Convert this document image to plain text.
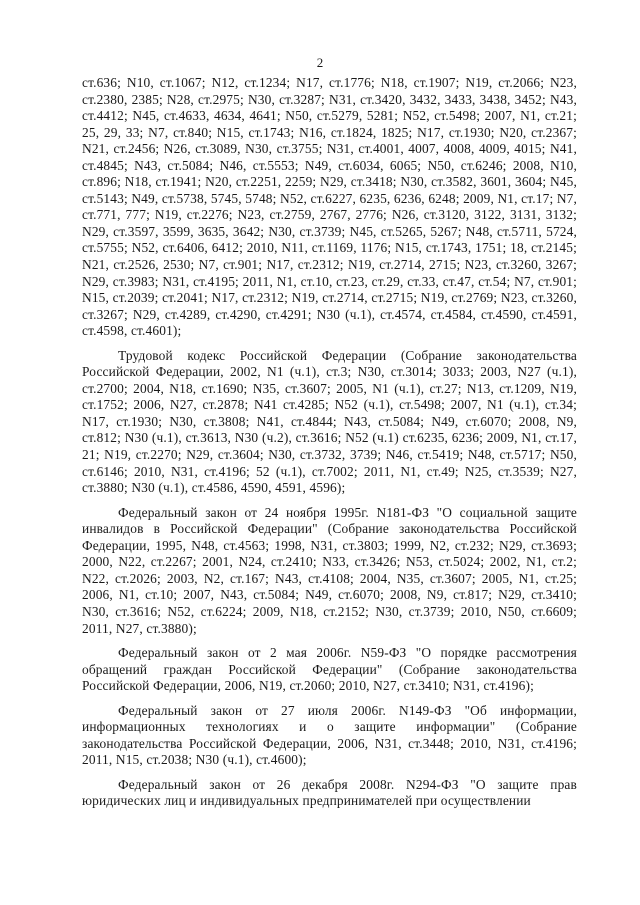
2

ст.636; N10, ст.1067; N12, ст.1234; N17, ст.1776; N18, ст.1907; N19, ст.2066; N23, ст.2380, 2385; N28, ст.2975; N30, ст.3287; N31, ст.3420, 3432, 3433, 3438, 3452; N43, ст.4412; N45, ст.4633, 4634, 4641; N50, ст.5279, 5281; N52, ст.5498; 2007, N1, ст.21; 25, 29, 33; N7, ст.840; N15, ст.1743; N16, ст.1824, 1825; N17, ст.1930; N20, ст.2367; N21, ст.2456; N26, ст.3089, N30, ст.3755; N31, ст.4001, 4007, 4008, 4009, 4015; N41, ст.4845; N43, ст.5084; N46, ст.5553; N49, ст.6034, 6065; N50, ст.6246; 2008, N10, ст.896; N18, ст.1941; N20, ст.2251, 2259; N29, ст.3418; N30, ст.3582, 3601, 3604; N45, ст.5143; N49, ст.5738, 5745, 5748; N52, ст.6227, 6235, 6236, 6248; 2009, N1, ст.17; N7, ст.771, 777; N19, ст.2276; N23, ст.2759, 2767, 2776; N26, ст.3120, 3122, 3131, 3132; N29, ст.3597, 3599, 3635, 3642; N30, ст.3739; N45, ст.5265, 5267; N48, ст.5711, 5724, ст.5755; N52, ст.6406, 6412; 2010, N11, ст.1169, 1176; N15, ст.1743, 1751; 18, ст.2145; N21, ст.2526, 2530; N7, ст.901; N17, ст.2312; N19, ст.2714, 2715; N23, ст.3260, 3267; N29, ст.3983; N31, ст.4195; 2011, N1, ст.10, ст.23, ст.29, ст.33, ст.47, ст.54; N7, ст.901; N15, ст.2039; ст.2041; N17, ст.2312; N19, ст.2714, ст.2715; N19, ст.2769; N23, ст.3260, ст.3267; N29, ст.4289, ст.4290, ст.4291; N30 (ч.1), ст.4574, ст.4584, ст.4590, ст.4591, ст.4598, ст.4601);

Трудовой кодекс Российской Федерации (Собрание законодательства Российской Федерации, 2002, N1 (ч.1), ст.3; N30, ст.3014; 3033; 2003, N27 (ч.1), ст.2700; 2004, N18, ст.1690; N35, ст.3607; 2005, N1 (ч.1), ст.27; N13, ст.1209, N19, ст.1752; 2006, N27, ст.2878; N41 ст.4285; N52 (ч.1), ст.5498; 2007, N1 (ч.1), ст.34; N17, ст.1930; N30, ст.3808; N41, ст.4844; N43, ст.5084; N49, ст.6070; 2008, N9, ст.812; N30 (ч.1), ст.3613, N30 (ч.2), ст.3616; N52 (ч.1) ст.6235, 6236; 2009, N1, ст.17, 21; N19, ст.2270; N29, ст.3604; N30, ст.3732, 3739; N46, ст.5419; N48, ст.5717; N50, ст.6146; 2010, N31, ст.4196; 52 (ч.1), ст.7002; 2011, N1, ст.49; N25, ст.3539; N27, ст.3880; N30 (ч.1), ст.4586, 4590, 4591, 4596);

Федеральный закон от 24 ноября 1995г. N181-ФЗ "О социальной защите инвалидов в Российской Федерации" (Собрание законодательства Российской Федерации, 1995, N48, ст.4563; 1998, N31, ст.3803; 1999, N2, ст.232; N29, ст.3693; 2000, N22, ст.2267; 2001, N24, ст.2410; N33, ст.3426; N53, ст.5024; 2002, N1, ст.2; N22, ст.2026; 2003, N2, ст.167; N43, ст.4108; 2004, N35, ст.3607; 2005, N1, ст.25; 2006, N1, ст.10; 2007, N43, ст.5084; N49, ст.6070; 2008, N9, ст.817; N29, ст.3410; N30, ст.3616; N52, ст.6224; 2009, N18, ст.2152; N30, ст.3739; 2010, N50, ст.6609; 2011, N27, ст.3880);

Федеральный закон от 2 мая 2006г. N59-ФЗ "О порядке рассмотрения обращений граждан Российской Федерации" (Собрание законодательства Российской Федерации, 2006, N19, ст.2060; 2010, N27, ст.3410; N31, ст.4196);

Федеральный закон от 27 июля 2006г. N149-ФЗ "Об информации, информационных технологиях и о защите информации" (Собрание законодательства Российской Федерации, 2006, N31, ст.3448; 2010, N31, ст.4196; 2011, N15, ст.2038; N30 (ч.1), ст.4600);

Федеральный закон от 26 декабря 2008г. N294-ФЗ "О защите прав юридических лиц и индивидуальных предпринимателей при осуществлении
